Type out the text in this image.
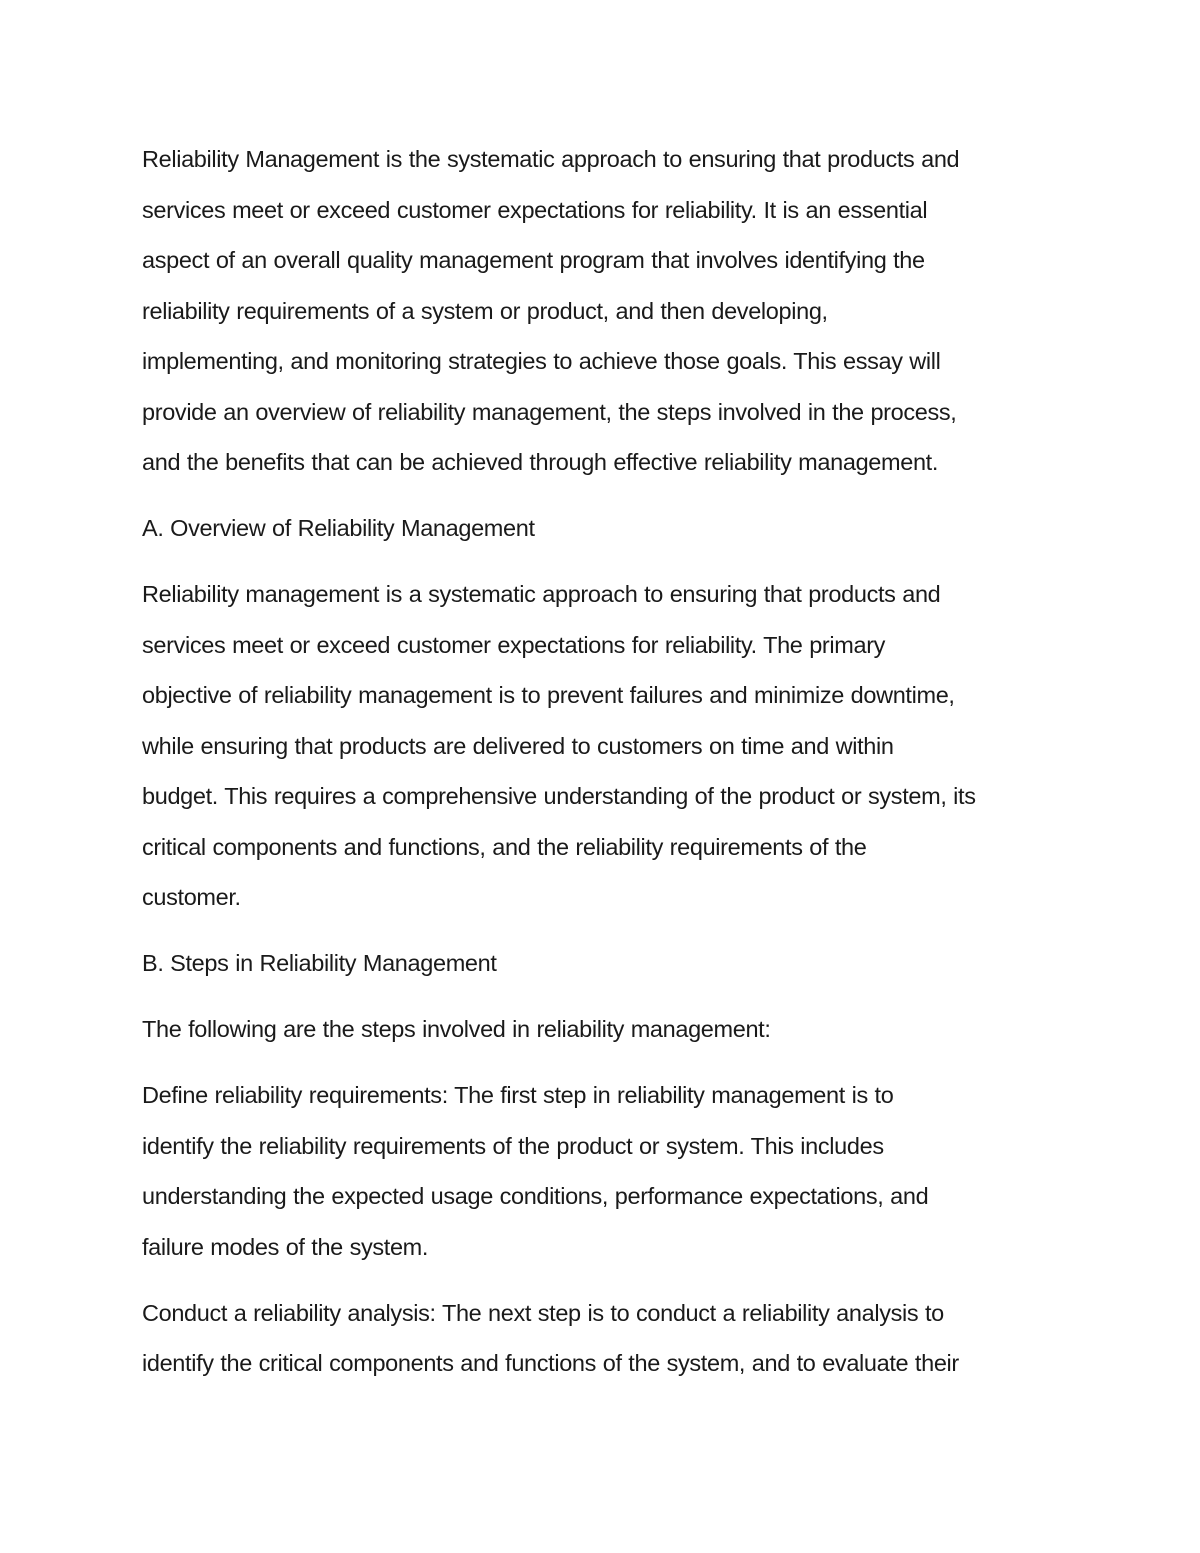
Reliability Management is the systematic approach to ensuring that products and
services meet or exceed customer expectations for reliability. It is an essential
aspect of an overall quality management program that involves identifying the
reliability requirements of a system or product, and then developing,
implementing, and monitoring strategies to achieve those goals. This essay will
provide an overview of reliability management, the steps involved in the process,
and the benefits that can be achieved through effective reliability management.
A. Overview of Reliability Management
Reliability management is a systematic approach to ensuring that products and
services meet or exceed customer expectations for reliability. The primary
objective of reliability management is to prevent failures and minimize downtime,
while ensuring that products are delivered to customers on time and within
budget. This requires a comprehensive understanding of the product or system, its
critical components and functions, and the reliability requirements of the
customer.
B. Steps in Reliability Management
The following are the steps involved in reliability management:
Define reliability requirements: The first step in reliability management is to
identify the reliability requirements of the product or system. This includes
understanding the expected usage conditions, performance expectations, and
failure modes of the system.
Conduct a reliability analysis: The next step is to conduct a reliability analysis to
identify the critical components and functions of the system, and to evaluate their
